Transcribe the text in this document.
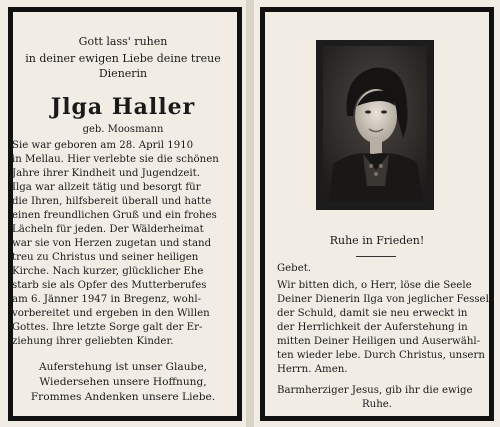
Gott lass' ruhen
in deiner ewigen Liebe deine treue
Dienerin
Jlga Haller
geb. Moosmann
Sie war geboren am 28. April 1910
in Mellau. Hier verlebte sie die schönen
Jahre ihrer Kindheit und Jugendzeit.
Ilga war allzeit tätig und besorgt für
die Ihren, hilfsbereit überall und hatte
einen freundlichen Gruß und ein frohes
Lächeln für jeden. Der Wälderheimat
war sie von Herzen zugetan und stand
treu zu Christus und seiner heiligen
Kirche. Nach kurzer, glücklicher Ehe
starb sie als Opfer des Mutterberufes
am 6. Jänner 1947 in Bregenz, wohl-
vorbereitet und ergeben in den Willen
Gottes. Ihre letzte Sorge galt der Er-
ziehung ihrer geliebten Kinder.
Auferstehung ist unser Glaube,
Wiedersehen unsere Hoffnung,
Frommes Andenken unsere Liebe.
Ruhe in Frieden!
Gebet.
Wir bitten dich, o Herr, löse die Seele
Deiner Dienerin Ilga von jeglicher Fessel
der Schuld, damit sie neu erweckt in
der Herrlichkeit der Auferstehung in
mitten Deiner Heiligen und Auserwähl-
ten wieder lebe. Durch Christus, unsern
Herrn. Amen.
Barmherziger Jesus, gib ihr die ewige
Ruhe.
